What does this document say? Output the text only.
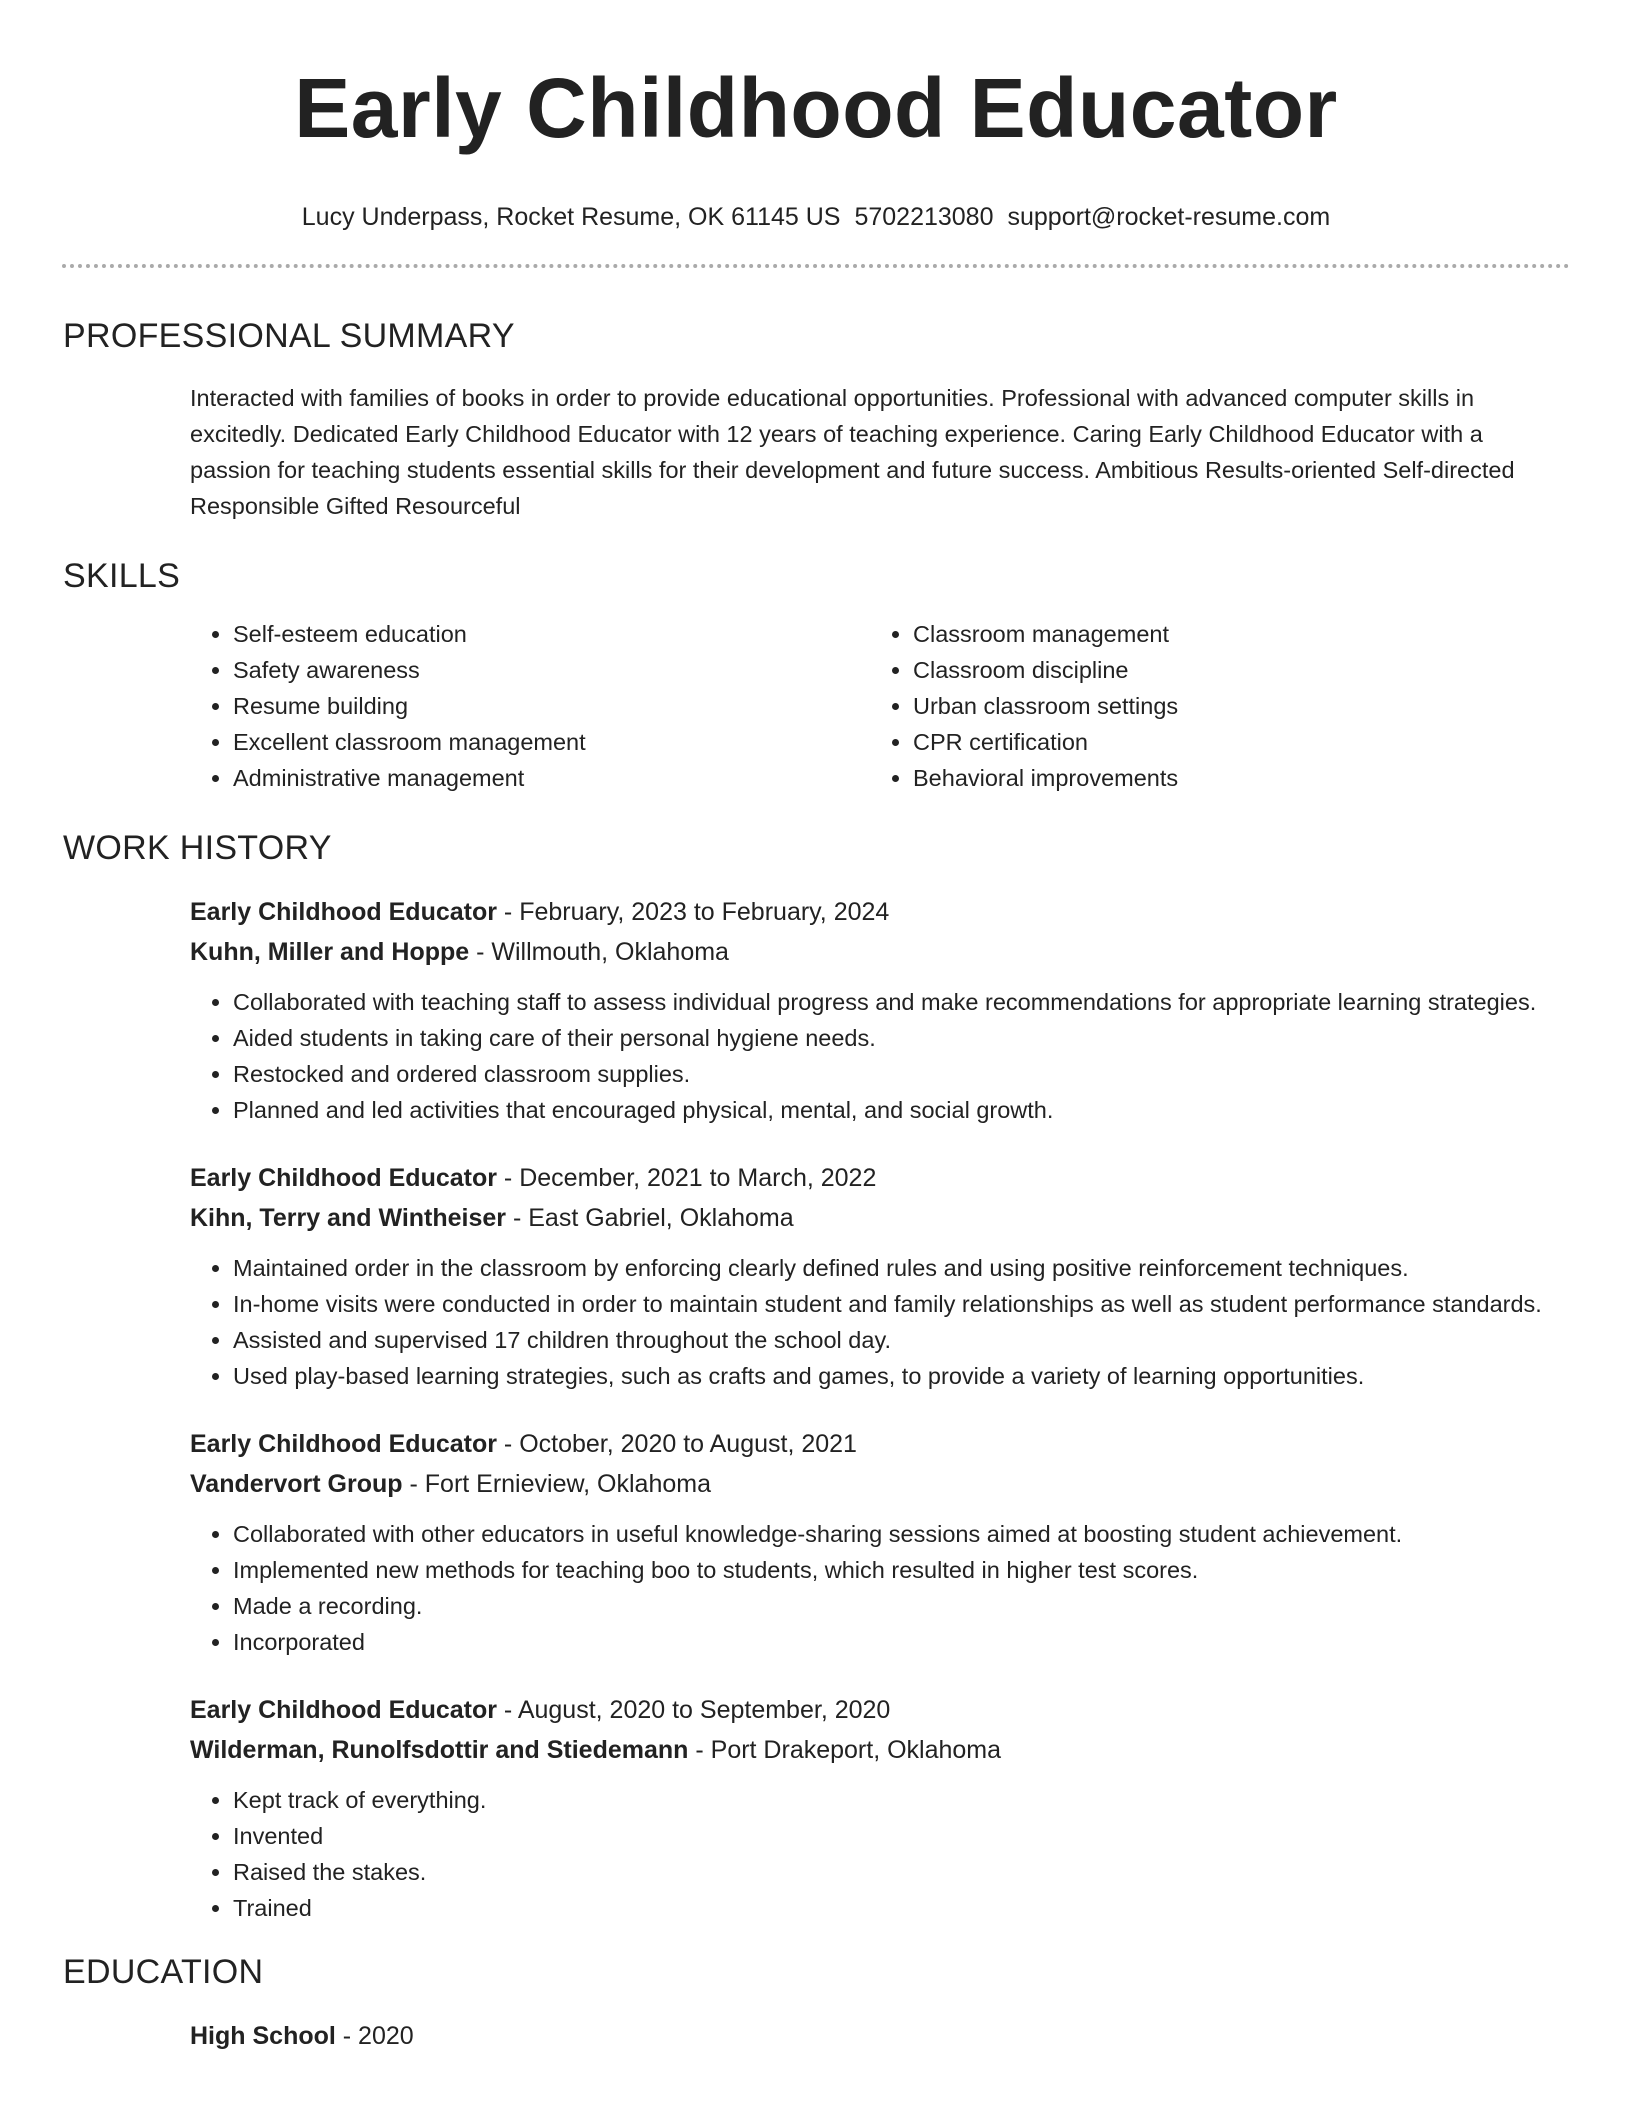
Early Childhood Educator
Lucy Underpass, Rocket Resume, OK 61145 US 5702213080 support@rocket-resume.com
PROFESSIONAL SUMMARY

Interacted with families of books in order to provide educational opportunities. Professional with advanced computer skills in excitedly. Dedicated Early Childhood Educator with 12 years of teaching experience. Caring Early Childhood Educator with a passion for teaching students essential skills for their development and future success. Ambitious Results-oriented Self-directed Responsible Gifted Resourceful

SKILLS
• Self-esteem education
• Safety awareness
• Resume building
• Excellent classroom management
• Administrative management
• Classroom management
• Classroom discipline
• Urban classroom settings
• CPR certification
• Behavioral improvements
WORK HISTORY
Early Childhood Educator - February, 2023 to February, 2024
Kuhn, Miller and Hoppe - Willmouth, Oklahoma
• Collaborated with teaching staff to assess individual progress and make recommendations for appropriate learning strategies.
• Aided students in taking care of their personal hygiene needs.
• Restocked and ordered classroom supplies.
• Planned and led activities that encouraged physical, mental, and social growth.
Early Childhood Educator - December, 2021 to March, 2022
Kihn, Terry and Wintheiser - East Gabriel, Oklahoma
• Maintained order in the classroom by enforcing clearly defined rules and using positive reinforcement techniques.
• In-home visits were conducted in order to maintain student and family relationships as well as student performance standards.
• Assisted and supervised 17 children throughout the school day.
• Used play-based learning strategies, such as crafts and games, to provide a variety of learning opportunities.
Early Childhood Educator - October, 2020 to August, 2021
Vandervort Group - Fort Ernieview, Oklahoma
• Collaborated with other educators in useful knowledge-sharing sessions aimed at boosting student achievement.
• Implemented new methods for teaching boo to students, which resulted in higher test scores.
• Made a recording.
• Incorporated
Early Childhood Educator - August, 2020 to September, 2020
Wilderman, Runolfsdottir and Stiedemann - Port Drakeport, Oklahoma
• Kept track of everything.
• Invented
• Raised the stakes.
• Trained
EDUCATION
High School - 2020
